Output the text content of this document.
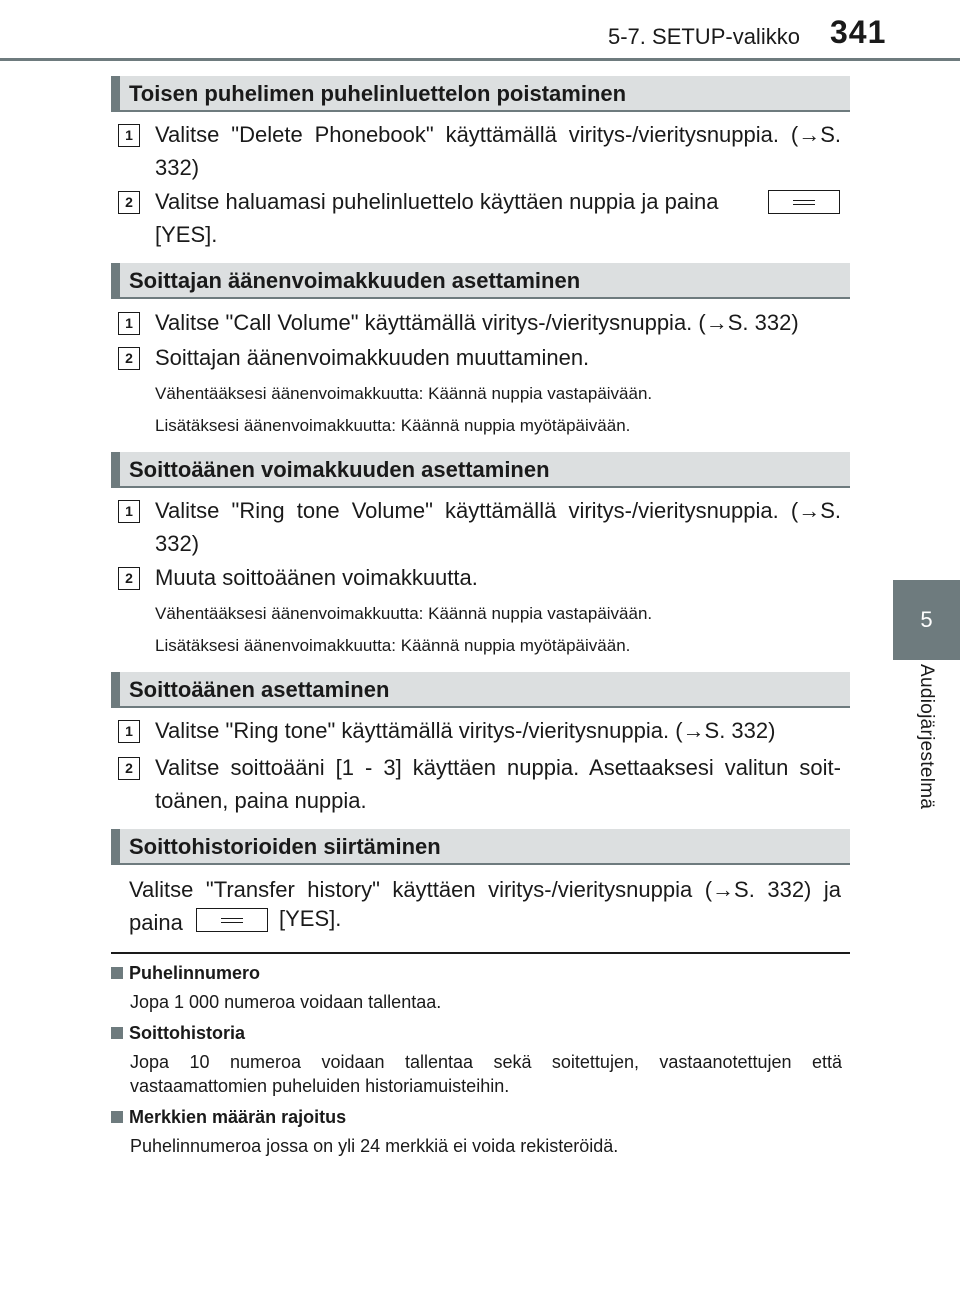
5-7. SETUP-valikko 341
5
Audiojärjestelmä
Toisen puhelimen puhelinluettelon poistaminen
1	Valitse "Delete Phonebook" käyttämällä viritys-/vieritysnuppia. (→S. 332)
2	Valitse haluamasi puhelinluettelo käyttäen nuppia ja paina
[YES].
Soittajan äänenvoimakkuuden asettaminen
1	Valitse "Call Volume" käyttämällä viritys-/vieritysnuppia. (→S. 332)
2	Soittajan äänenvoimakkuuden muuttaminen.
Vähentääksesi äänenvoimakkuutta: Käännä nuppia vastapäivään.
Lisätäksesi äänenvoimakkuutta: Käännä nuppia myötäpäivään.
Soittoäänen voimakkuuden asettaminen
1	Valitse "Ring tone Volume" käyttämällä viritys-/vieritysnuppia. (→S. 332)
2	Muuta soittoäänen voimakkuutta.
Vähentääksesi äänenvoimakkuutta: Käännä nuppia vastapäivään.
Lisätäksesi äänenvoimakkuutta: Käännä nuppia myötäpäivään.
Soittoäänen asettaminen
1	Valitse "Ring tone" käyttämällä viritys-/vieritysnuppia. (→S. 332)
2	Valitse soittoääni [1 - 3] käyttäen nuppia. Asettaaksesi valitun soit-toänen, paina nuppia.
Soittohistorioiden siirtäminen
Valitse "Transfer history" käyttäen viritys-/vieritysnuppia (→S. 332) ja paina	[YES].
Puhelinnumero
Jopa 1 000 numeroa voidaan tallentaa.
Soittohistoria
Jopa 10 numeroa voidaan tallentaa sekä soitettujen, vastaanotettujen että vastaamattomien puheluiden historiamuisteihin.
Merkkien määrän rajoitus
Puhelinnumeroa jossa on yli 24 merkkiä ei voida rekisteröidä.
